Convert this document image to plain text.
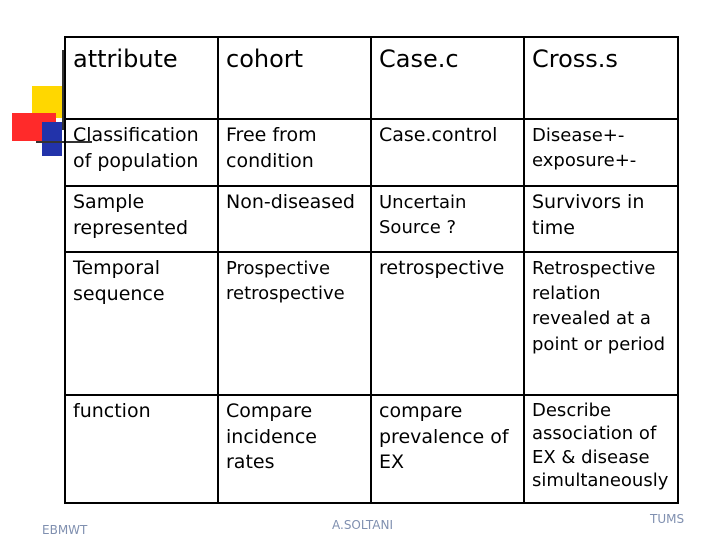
attribute	cohort	Case.c	Cross.s
Classification of population	Free from condition	Case.control	Disease+-exposure+-
Sample represented	Non-diseased	Uncertain Source ?	Survivors in time
Temporal sequence	Prospective retrospective	retrospective	Retrospective relation revealed at a point or period
function	Compare incidence rates	compare prevalence of EX	Describe association of EX & disease simultaneously
EBMWT	A.SOLTANI	TUMS
